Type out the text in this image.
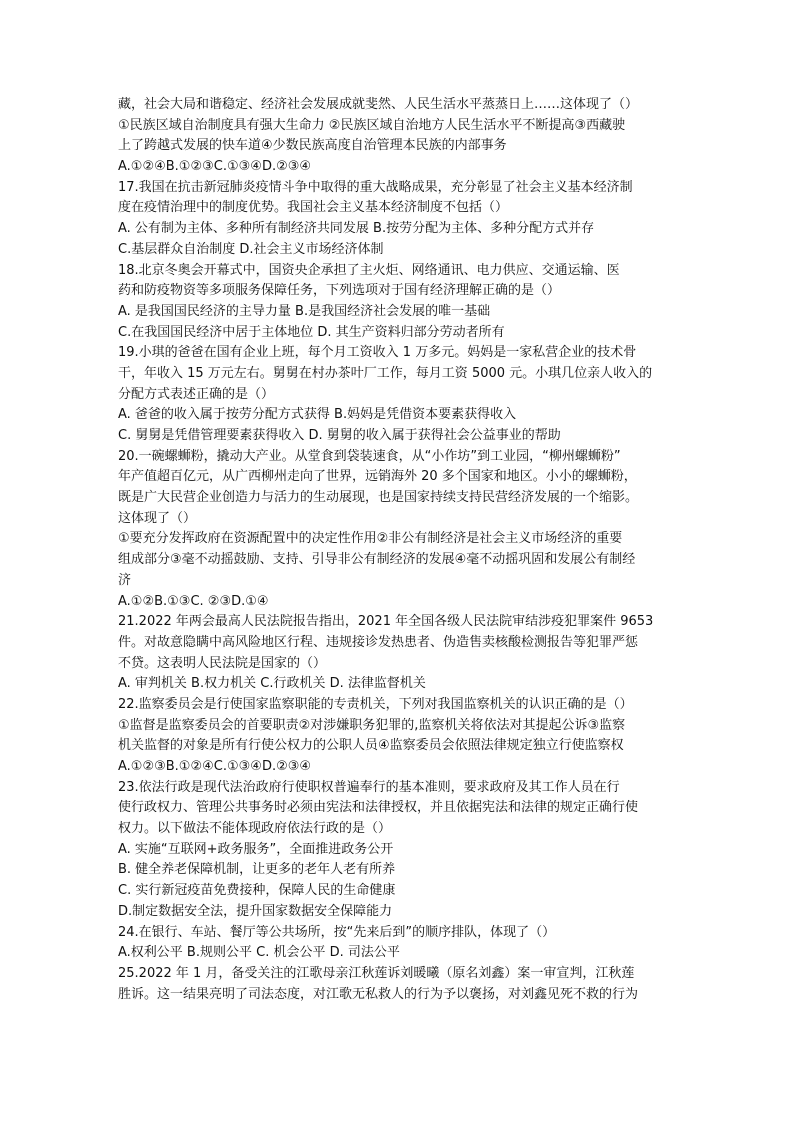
藏，社会大局和谐稳定、经济社会发展成就斐然、人民生活水平蒸蒸日上……这体现了（）
①民族区域自治制度具有强大生命力 ②民族区域自治地方人民生活水平不断提高③西藏驶
上了跨越式发展的快车道④少数民族高度自治管理本民族的内部事务
A.①②④B.①②③C.①③④D.②③④
17.我国在抗击新冠肺炎疫情斗争中取得的重大战略成果，充分彰显了社会主义基本经济制
度在疫情治理中的制度优势。我国社会主义基本经济制度不包括（）
A. 公有制为主体、多种所有制经济共同发展 B.按劳分配为主体、多种分配方式并存
C.基层群众自治制度 D.社会主义市场经济体制
18.北京冬奥会开幕式中，国资央企承担了主火炬、网络通讯、电力供应、交通运输、医
药和防疫物资等多项服务保障任务，下列选项对于国有经济理解正确的是（）
A. 是我国国民经济的主导力量 B.是我国经济社会发展的唯一基础
C.在我国国民经济中居于主体地位 D. 其生产资料归部分劳动者所有
19.小琪的爸爸在国有企业上班，每个月工资收入 1 万多元。妈妈是一家私营企业的技术骨
干，年收入 15 万元左右。舅舅在村办茶叶厂工作，每月工资 5000 元。小琪几位亲人收入的
分配方式表述正确的是（）
A. 爸爸的收入属于按劳分配方式获得 B.妈妈是凭借资本要素获得收入
C. 舅舅是凭借管理要素获得收入 D. 舅舅的收入属于获得社会公益事业的帮助
20.一碗螺蛳粉，撬动大产业。从堂食到袋装速食，从“小作坊”到工业园，“柳州螺蛳粉”
年产值超百亿元，从广西柳州走向了世界，远销海外 20 多个国家和地区。小小的螺蛳粉，
既是广大民营企业创造力与活力的生动展现，也是国家持续支持民营经济发展的一个缩影。
这体现了（）
①要充分发挥政府在资源配置中的决定性作用②非公有制经济是社会主义市场经济的重要
组成部分③毫不动摇鼓励、支持、引导非公有制经济的发展④毫不动摇巩固和发展公有制经
济
A.①②B.①③C. ②③D.①④
21.2022 年两会最高人民法院报告指出，2021 年全国各级人民法院审结涉疫犯罪案件 9653
件。对故意隐瞒中高风险地区行程、违规接诊发热患者、伪造售卖核酸检测报告等犯罪严惩
不贷。这表明人民法院是国家的（）
A. 审判机关 B.权力机关 C.行政机关 D. 法律监督机关
22.监察委员会是行使国家监察职能的专责机关，下列对我国监察机关的认识正确的是（）
①监督是监察委员会的首要职责②对涉嫌职务犯罪的,监察机关将依法对其提起公诉③监察
机关监督的对象是所有行使公权力的公职人员④监察委员会依照法律规定独立行使监察权
A.①②③B.①②④C.①③④D.②③④
23.依法行政是现代法治政府行使职权普遍奉行的基本准则，要求政府及其工作人员在行
使行政权力、管理公共事务时必须由宪法和法律授权，并且依据宪法和法律的规定正确行使
权力。以下做法不能体现政府依法行政的是（）
A. 实施“互联网+政务服务”，全面推进政务公开
B. 健全养老保障机制，让更多的老年人老有所养
C. 实行新冠疫苗免费接种，保障人民的生命健康
D.制定数据安全法，提升国家数据安全保障能力
24.在银行、车站、餐厅等公共场所，按“先来后到”的顺序排队，体现了（）
A.权利公平 B.规则公平 C. 机会公平 D. 司法公平
25.2022 年 1 月，备受关注的江歌母亲江秋莲诉刘暖曦（原名刘鑫）案一审宣判，江秋莲
胜诉。这一结果亮明了司法态度，对江歌无私救人的行为予以褒扬，对刘鑫见死不救的行为
